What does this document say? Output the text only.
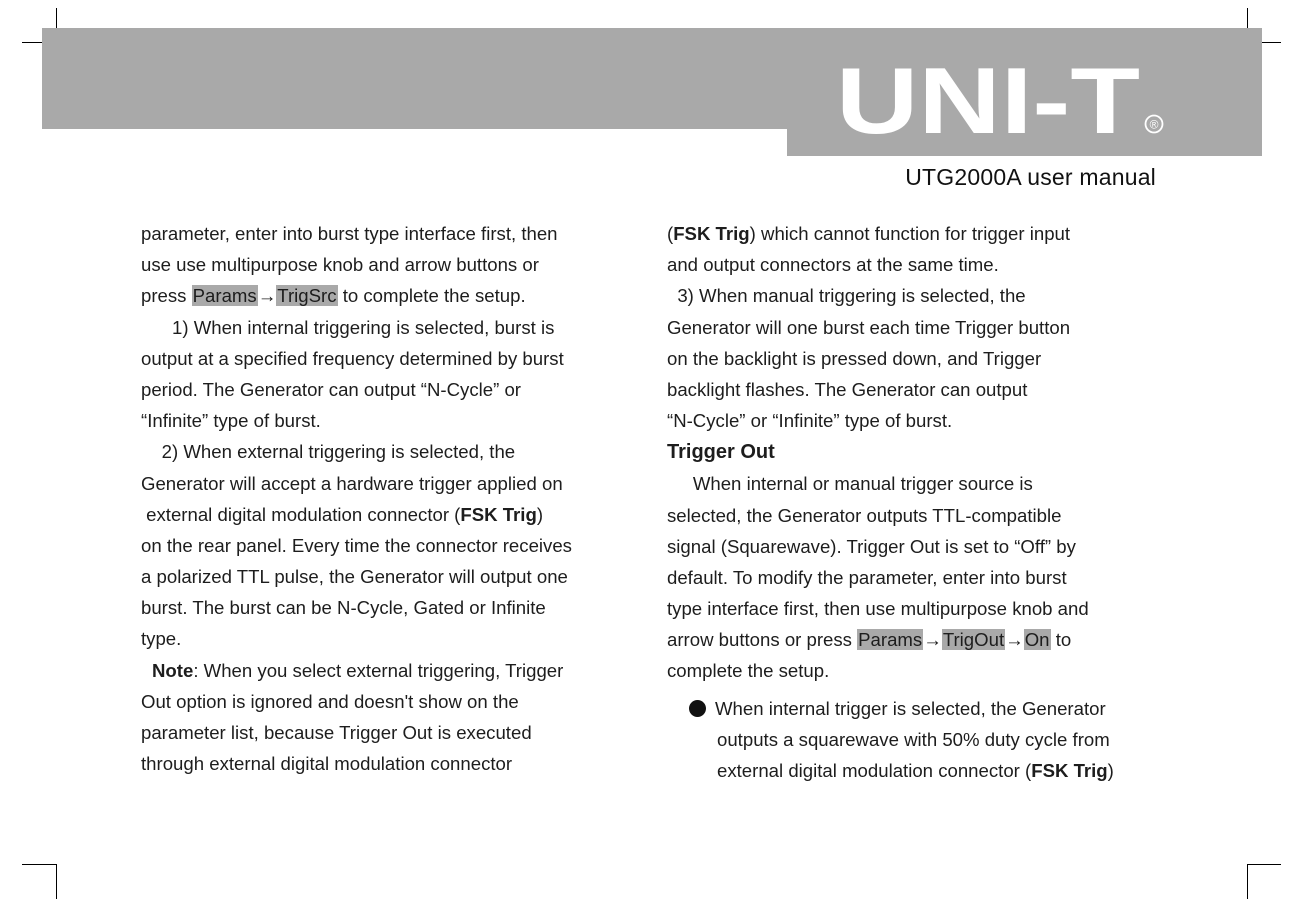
UNI-T ®
UTG2000A user manual
parameter, enter into burst type interface first, then
use use multipurpose knob and arrow buttons or
press Params→TrigSrc to complete the setup.
1) When internal triggering is selected, burst is
output at a specified frequency determined by burst
period. The Generator can output “N-Cycle” or
“Infinite” type of burst.
2) When external triggering is selected, the
Generator will accept a hardware trigger applied on
external digital modulation connector (FSK Trig)
on the rear panel. Every time the connector receives
a polarized TTL pulse, the Generator will output one
burst. The burst can be N-Cycle, Gated or Infinite
type.
Note: When you select external triggering, Trigger
Out option is ignored and doesn't show on the
parameter list, because Trigger Out is executed
through external digital modulation connector
(FSK Trig) which cannot function for trigger input
and output connectors at the same time.
3) When manual triggering is selected, the
Generator will one burst each time Trigger button
on the backlight is pressed down, and Trigger
backlight flashes. The Generator can output
“N-Cycle” or “Infinite” type of burst.
Trigger Out
When internal or manual trigger source is
selected, the Generator outputs TTL-compatible
signal (Squarewave). Trigger Out is set to “Off” by
default. To modify the parameter, enter into burst
type interface first, then use multipurpose knob and
arrow buttons or press Params→TrigOut→On to
complete the setup.
When internal trigger is selected, the Generator
outputs a squarewave with 50% duty cycle from
external digital modulation connector (FSK Trig)
